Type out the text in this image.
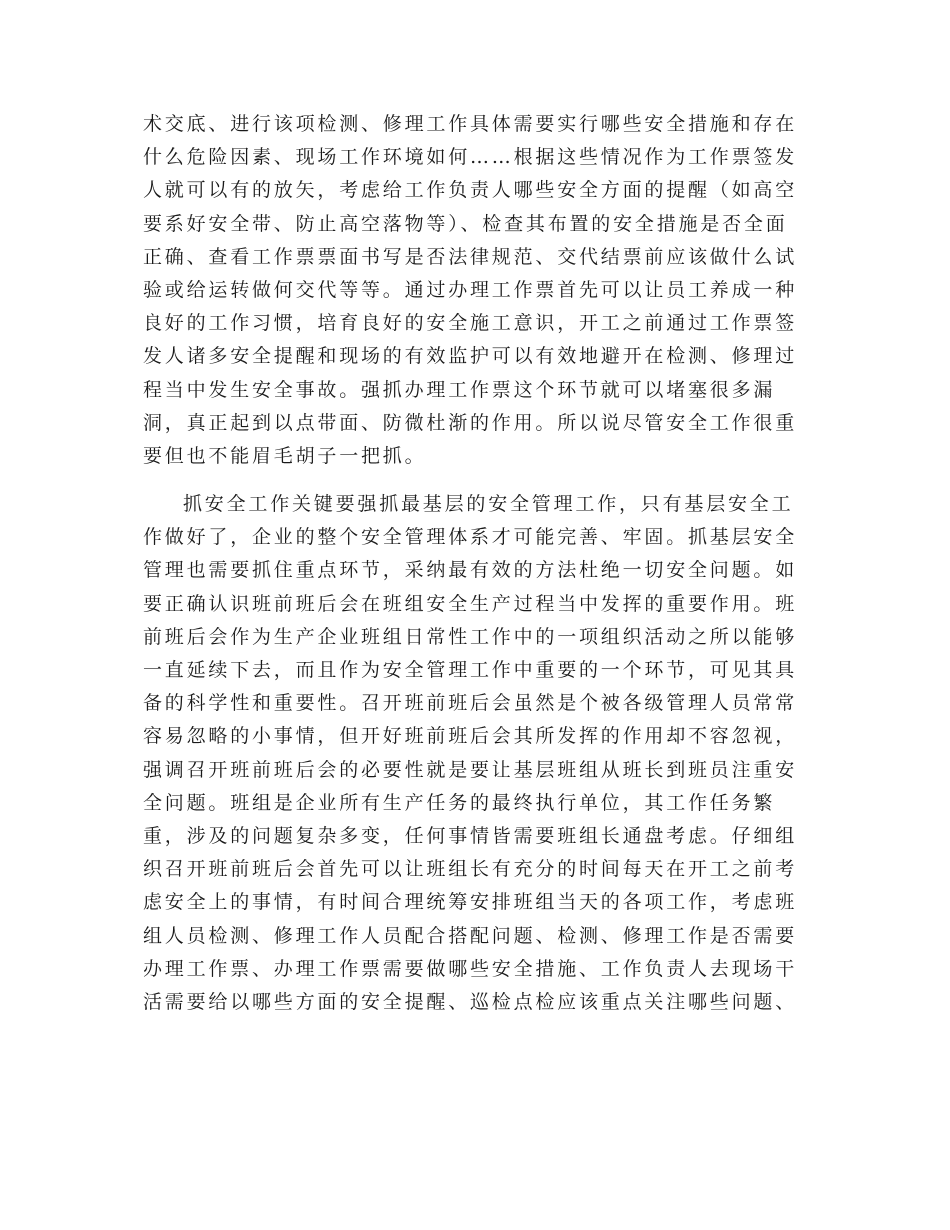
术交底、进行该项检测、修理工作具体需要实行哪些安全措施和存在
什么危险因素、现场工作环境如何……根据这些情况作为工作票签发
人就可以有的放矢，考虑给工作负责人哪些安全方面的提醒（如高空
要系好安全带、防止高空落物等）、检查其布置的安全措施是否全面
正确、查看工作票票面书写是否法律规范、交代结票前应该做什么试
验或给运转做何交代等等。通过办理工作票首先可以让员工养成一种
良好的工作习惯，培育良好的安全施工意识，开工之前通过工作票签
发人诸多安全提醒和现场的有效监护可以有效地避开在检测、修理过
程当中发生安全事故。强抓办理工作票这个环节就可以堵塞很多漏
洞，真正起到以点带面、防微杜渐的作用。所以说尽管安全工作很重
要但也不能眉毛胡子一把抓。
抓安全工作关键要强抓最基层的安全管理工作，只有基层安全工
作做好了，企业的整个安全管理体系才可能完善、牢固。抓基层安全
管理也需要抓住重点环节，采纳最有效的方法杜绝一切安全问题。如
要正确认识班前班后会在班组安全生产过程当中发挥的重要作用。班
前班后会作为生产企业班组日常性工作中的一项组织活动之所以能够
一直延续下去，而且作为安全管理工作中重要的一个环节，可见其具
备的科学性和重要性。召开班前班后会虽然是个被各级管理人员常常
容易忽略的小事情，但开好班前班后会其所发挥的作用却不容忽视，
强调召开班前班后会的必要性就是要让基层班组从班长到班员注重安
全问题。班组是企业所有生产任务的最终执行单位，其工作任务繁
重，涉及的问题复杂多变，任何事情皆需要班组长通盘考虑。仔细组
织召开班前班后会首先可以让班组长有充分的时间每天在开工之前考
虑安全上的事情，有时间合理统筹安排班组当天的各项工作，考虑班
组人员检测、修理工作人员配合搭配问题、检测、修理工作是否需要
办理工作票、办理工作票需要做哪些安全措施、工作负责人去现场干
活需要给以哪些方面的安全提醒、巡检点检应该重点关注哪些问题、
